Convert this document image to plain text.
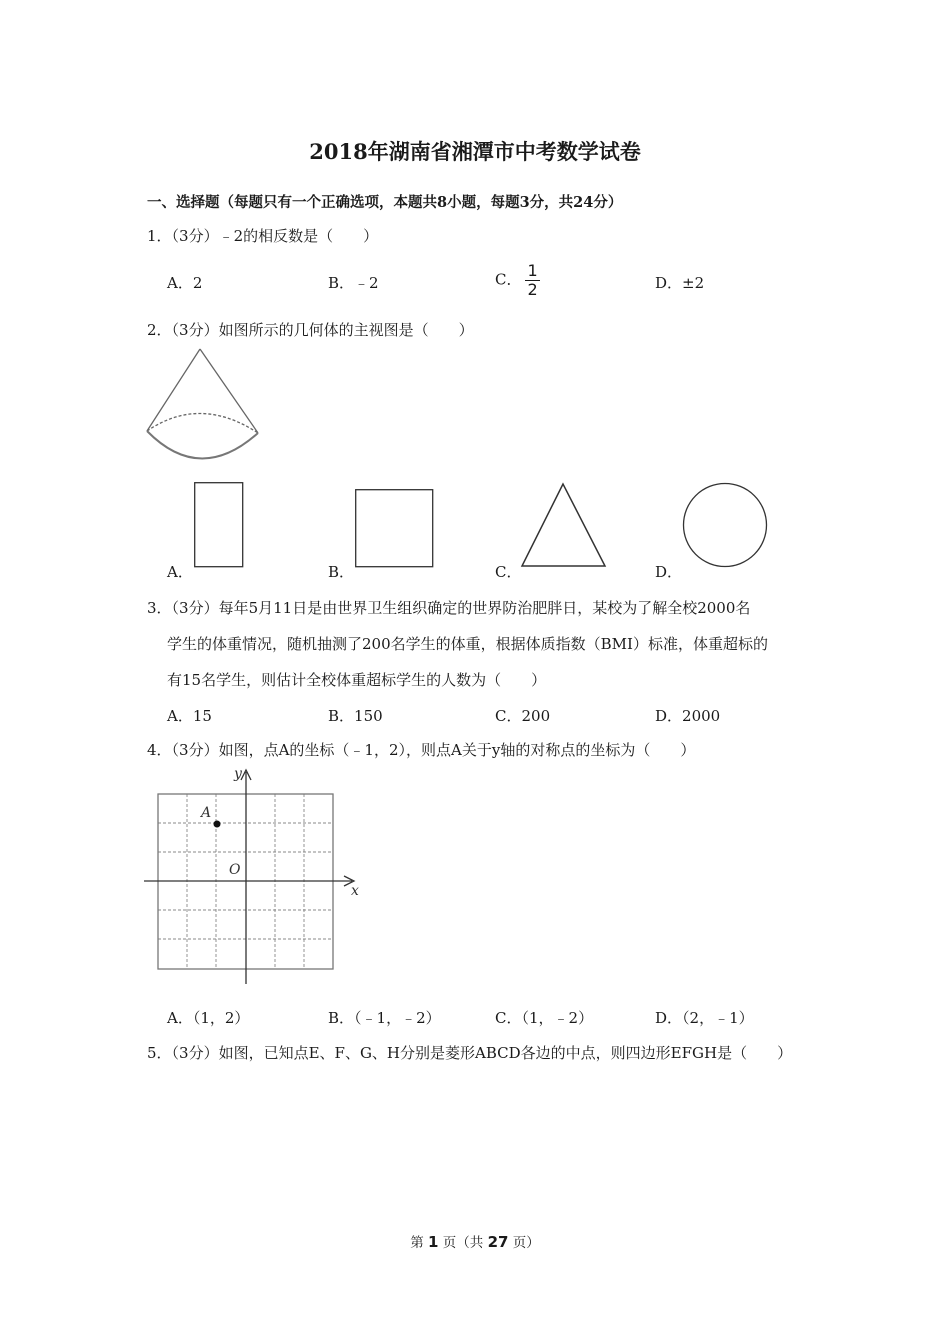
2018年湖南省湘潭市中考数学试卷
一、选择题（每题只有一个正确选项，本题共8小题，每题3分，共24分）
1．（3分）﹣2的相反数是（　　）
A．2	B．﹣2	C． $\frac{1}{2}$	D．±2
2．（3分）如图所示的几何体的主视图是（　　）
A．	B．	C．	D．
3．（3分）每年5月11日是由世界卫生组织确定的世界防治肥胖日，某校为了解全校2000名
学生的体重情况，随机抽测了200名学生的体重，根据体质指数（BMI）标准，体重超标的
有15名学生，则估计全校体重超标学生的人数为（　　）
A．15	B．150	C．200	D．2000
4．（3分）如图，点A的坐标（﹣1，2），则点A关于y轴的对称点的坐标为（　　）
y
x
A
O
A．（1，2）	B．（﹣1，﹣2）	C．（1，﹣2）	D．（2，﹣1）
5．（3分）如图，已知点E、F、G、H分别是菱形ABCD各边的中点，则四边形EFGH是（　　）
第 1 页（共 27 页）
